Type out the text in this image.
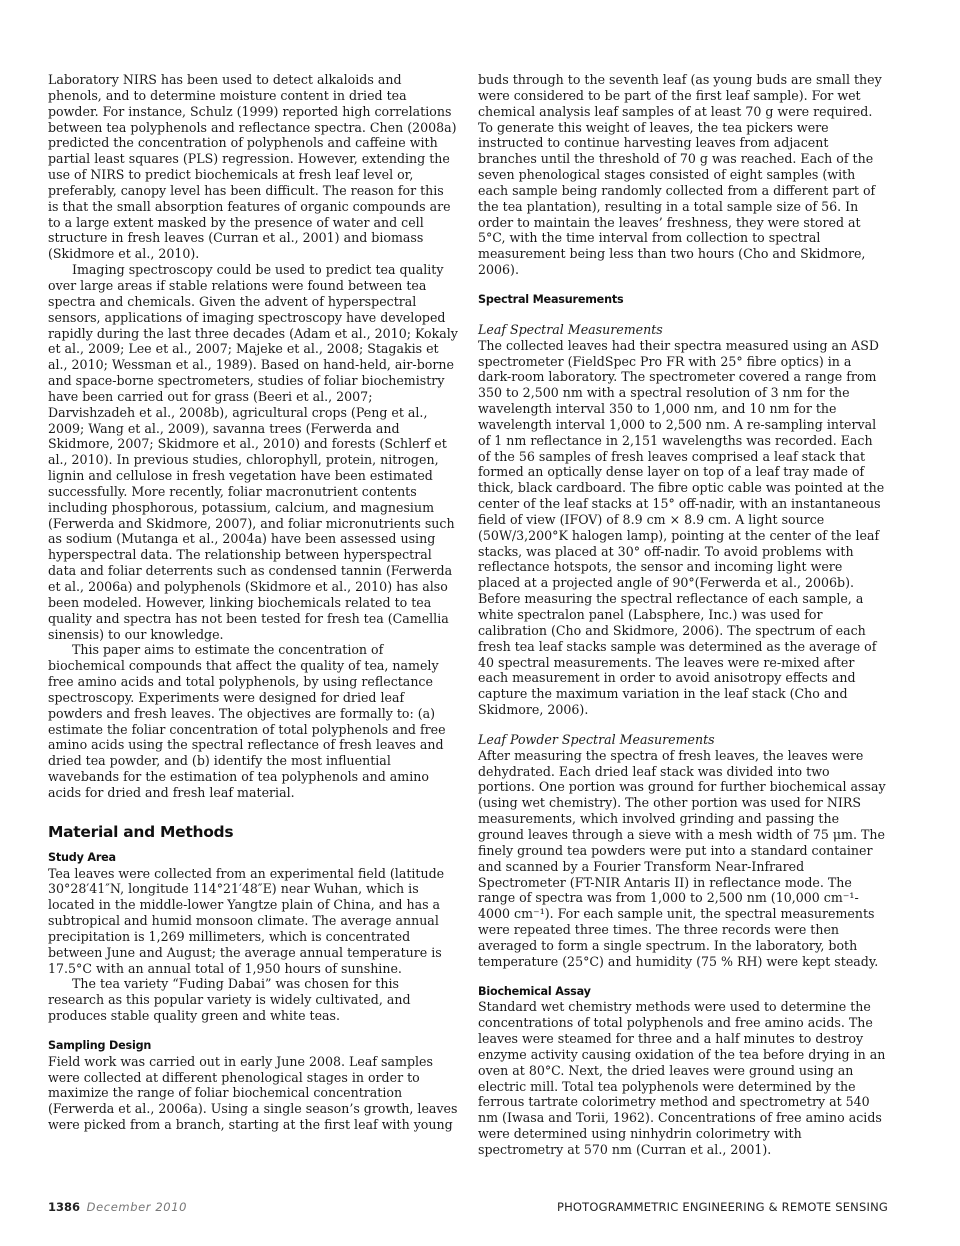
Laboratory NIRS has been used to detect alkaloids and phenols, and to determine moisture content in dried tea powder. For instance, Schulz (1999) reported high correlations between tea polyphenols and reflectance spectra. Chen (2008a) predicted the concentration of polyphenols and caffeine with partial least squares (PLS) regression. However, extending the use of NIRS to predict biochemicals at fresh leaf level or, preferably, canopy level has been difficult. The reason for this is that the small absorption features of organic compounds are to a large extent masked by the presence of water and cell structure in fresh leaves (Curran et al., 2001) and biomass (Skidmore et al., 2010).

Imaging spectroscopy could be used to predict tea quality over large areas if stable relations were found between tea spectra and chemicals. Given the advent of hyperspectral sensors, applications of imaging spectroscopy have developed rapidly during the last three decades (Adam et al., 2010; Kokaly et al., 2009; Lee et al., 2007; Majeke et al., 2008; Stagakis et al., 2010; Wessman et al., 1989). Based on hand-held, air-borne and space-borne spectrometers, studies of foliar biochemistry have been carried out for grass (Beeri et al., 2007; Darvishzadeh et al., 2008b), agricultural crops (Peng et al., 2009; Wang et al., 2009), savanna trees (Ferwerda and Skidmore, 2007; Skidmore et al., 2010) and forests (Schlerf et al., 2010). In previous studies, chlorophyll, protein, nitrogen, lignin and cellulose in fresh vegetation have been estimated successfully. More recently, foliar macronutrient contents including phosphorous, potassium, calcium, and magnesium (Ferwerda and Skidmore, 2007), and foliar micronutrients such as sodium (Mutanga et al., 2004a) have been assessed using hyperspectral data. The relationship between hyperspectral data and foliar deterrents such as condensed tannin (Ferwerda et al., 2006a) and polyphenols (Skidmore et al., 2010) has also been modeled. However, linking biochemicals related to tea quality and spectra has not been tested for fresh tea (Camellia sinensis) to our knowledge.

This paper aims to estimate the concentration of biochemical compounds that affect the quality of tea, namely free amino acids and total polyphenols, by using reflectance spectroscopy. Experiments were designed for dried leaf powders and fresh leaves. The objectives are formally to: (a) estimate the foliar concentration of total polyphenols and free amino acids using the spectral reflectance of fresh leaves and dried tea powder, and (b) identify the most influential wavebands for the estimation of tea polyphenols and amino acids for dried and fresh leaf material.

Material and Methods
Study Area

Tea leaves were collected from an experimental field (latitude 30°28′41″N, longitude 114°21′48″E) near Wuhan, which is located in the middle-lower Yangtze plain of China, and has a subtropical and humid monsoon climate. The average annual precipitation is 1,269 millimeters, which is concentrated between June and August; the average annual temperature is 17.5°C with an annual total of 1,950 hours of sunshine.

The tea variety “Fuding Dabai” was chosen for this research as this popular variety is widely cultivated, and produces stable quality green and white teas.

Sampling Design

Field work was carried out in early June 2008. Leaf samples were collected at different phenological stages in order to maximize the range of foliar biochemical concentration (Ferwerda et al., 2006a). Using a single season’s growth, leaves were picked from a branch, starting at the first leaf with young

buds through to the seventh leaf (as young buds are small they were considered to be part of the first leaf sample). For wet chemical analysis leaf samples of at least 70 g were required. To generate this weight of leaves, the tea pickers were instructed to continue harvesting leaves from adjacent branches until the threshold of 70 g was reached. Each of the seven phenological stages consisted of eight samples (with each sample being randomly collected from a different part of the tea plantation), resulting in a total sample size of 56. In order to maintain the leaves’ freshness, they were stored at 5°C, with the time interval from collection to spectral measurement being less than two hours (Cho and Skidmore, 2006).

Spectral Measurements
Leaf Spectral Measurements

The collected leaves had their spectra measured using an ASD spectrometer (FieldSpec Pro FR with 25° fibre optics) in a dark-room laboratory. The spectrometer covered a range from 350 to 2,500 nm with a spectral resolution of 3 nm for the wavelength interval 350 to 1,000 nm, and 10 nm for the wavelength interval 1,000 to 2,500 nm. A re-sampling interval of 1 nm reflectance in 2,151 wavelengths was recorded. Each of the 56 samples of fresh leaves comprised a leaf stack that formed an optically dense layer on top of a leaf tray made of thick, black cardboard. The fibre optic cable was pointed at the center of the leaf stacks at 15° off-nadir, with an instantaneous field of view (IFOV) of 8.9 cm × 8.9 cm. A light source (50W/3,200°K halogen lamp), pointing at the center of the leaf stacks, was placed at 30° off-nadir. To avoid problems with reflectance hotspots, the sensor and incoming light were placed at a projected angle of 90°(Ferwerda et al., 2006b). Before measuring the spectral reflectance of each sample, a white spectralon panel (Labsphere, Inc.) was used for calibration (Cho and Skidmore, 2006). The spectrum of each fresh tea leaf stacks sample was determined as the average of 40 spectral measurements. The leaves were re-mixed after each measurement in order to avoid anisotropy effects and capture the maximum variation in the leaf stack (Cho and Skidmore, 2006).

Leaf Powder Spectral Measurements

After measuring the spectra of fresh leaves, the leaves were dehydrated. Each dried leaf stack was divided into two portions. One portion was ground for further biochemical assay (using wet chemistry). The other portion was used for NIRS measurements, which involved grinding and passing the ground leaves through a sieve with a mesh width of 75 μm. The finely ground tea powders were put into a standard container and scanned by a Fourier Transform Near-Infrared Spectrometer (FT-NIR Antaris II) in reflectance mode. The range of spectra was from 1,000 to 2,500 nm (10,000 cm⁻¹- 4000 cm⁻¹). For each sample unit, the spectral measurements were repeated three times. The three records were then averaged to form a single spectrum. In the laboratory, both temperature (25°C) and humidity (75 % RH) were kept steady.

Biochemical Assay

Standard wet chemistry methods were used to determine the concentrations of total polyphenols and free amino acids. The leaves were steamed for three and a half minutes to destroy enzyme activity causing oxidation of the tea before drying in an oven at 80°C. Next, the dried leaves were ground using an electric mill. Total tea polyphenols were determined by the ferrous tartrate colorimetry method and spectrometry at 540 nm (Iwasa and Torii, 1962). Concentrations of free amino acids were determined using ninhydrin colorimetry with spectrometry at 570 nm (Curran et al., 2001).

1386 December 2010	PHOTOGRAMMETRIC ENGINEERING & REMOTE SENSING
